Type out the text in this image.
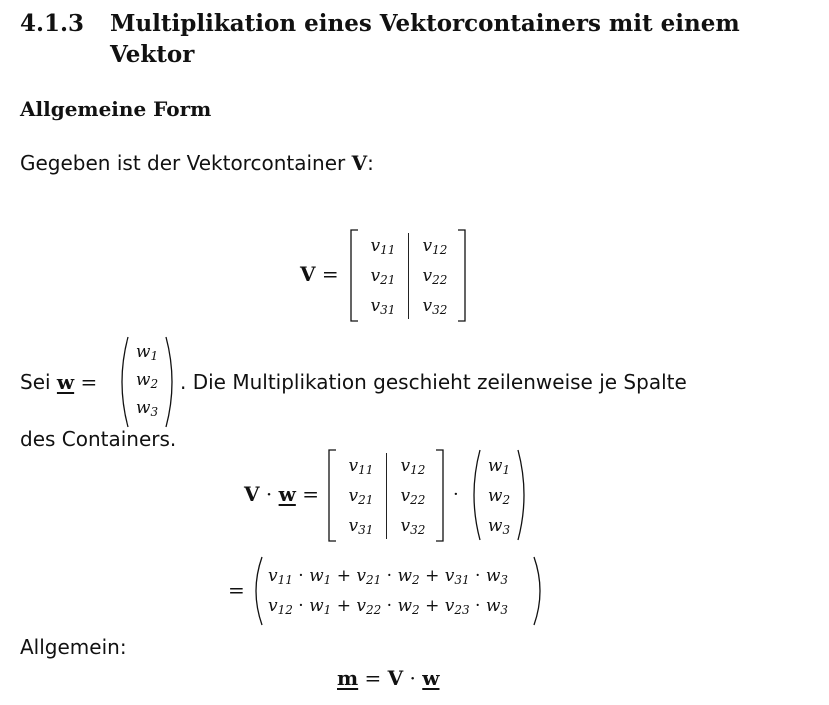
4.1.3 Multiplikation eines Vektorcontainers mit einem Vektor
Allgemeine Form
Gegeben ist der Vektorcontainer V:
V =
$v_{11}$	$v_{12}$
$v_{21}$	$v_{22}$
$v_{31}$	$v_{32}$
Sei w =
$w_1$
$w_2$
$w_3$
. Die Multiplikation geschieht zeilenweise je Spalte
des Containers.
V · w =
$v_{11}$	$v_{12}$
$v_{21}$	$v_{22}$
$v_{31}$	$v_{32}$
·
$w_1$
$w_2$
$w_3$
=
$v_{11} \cdot w_1 + v_{21} \cdot w_2 + v_{31} \cdot w_3$
$v_{12} \cdot w_1 + v_{22} \cdot w_2 + v_{23} \cdot w_3$
Allgemein:
m = V · w
